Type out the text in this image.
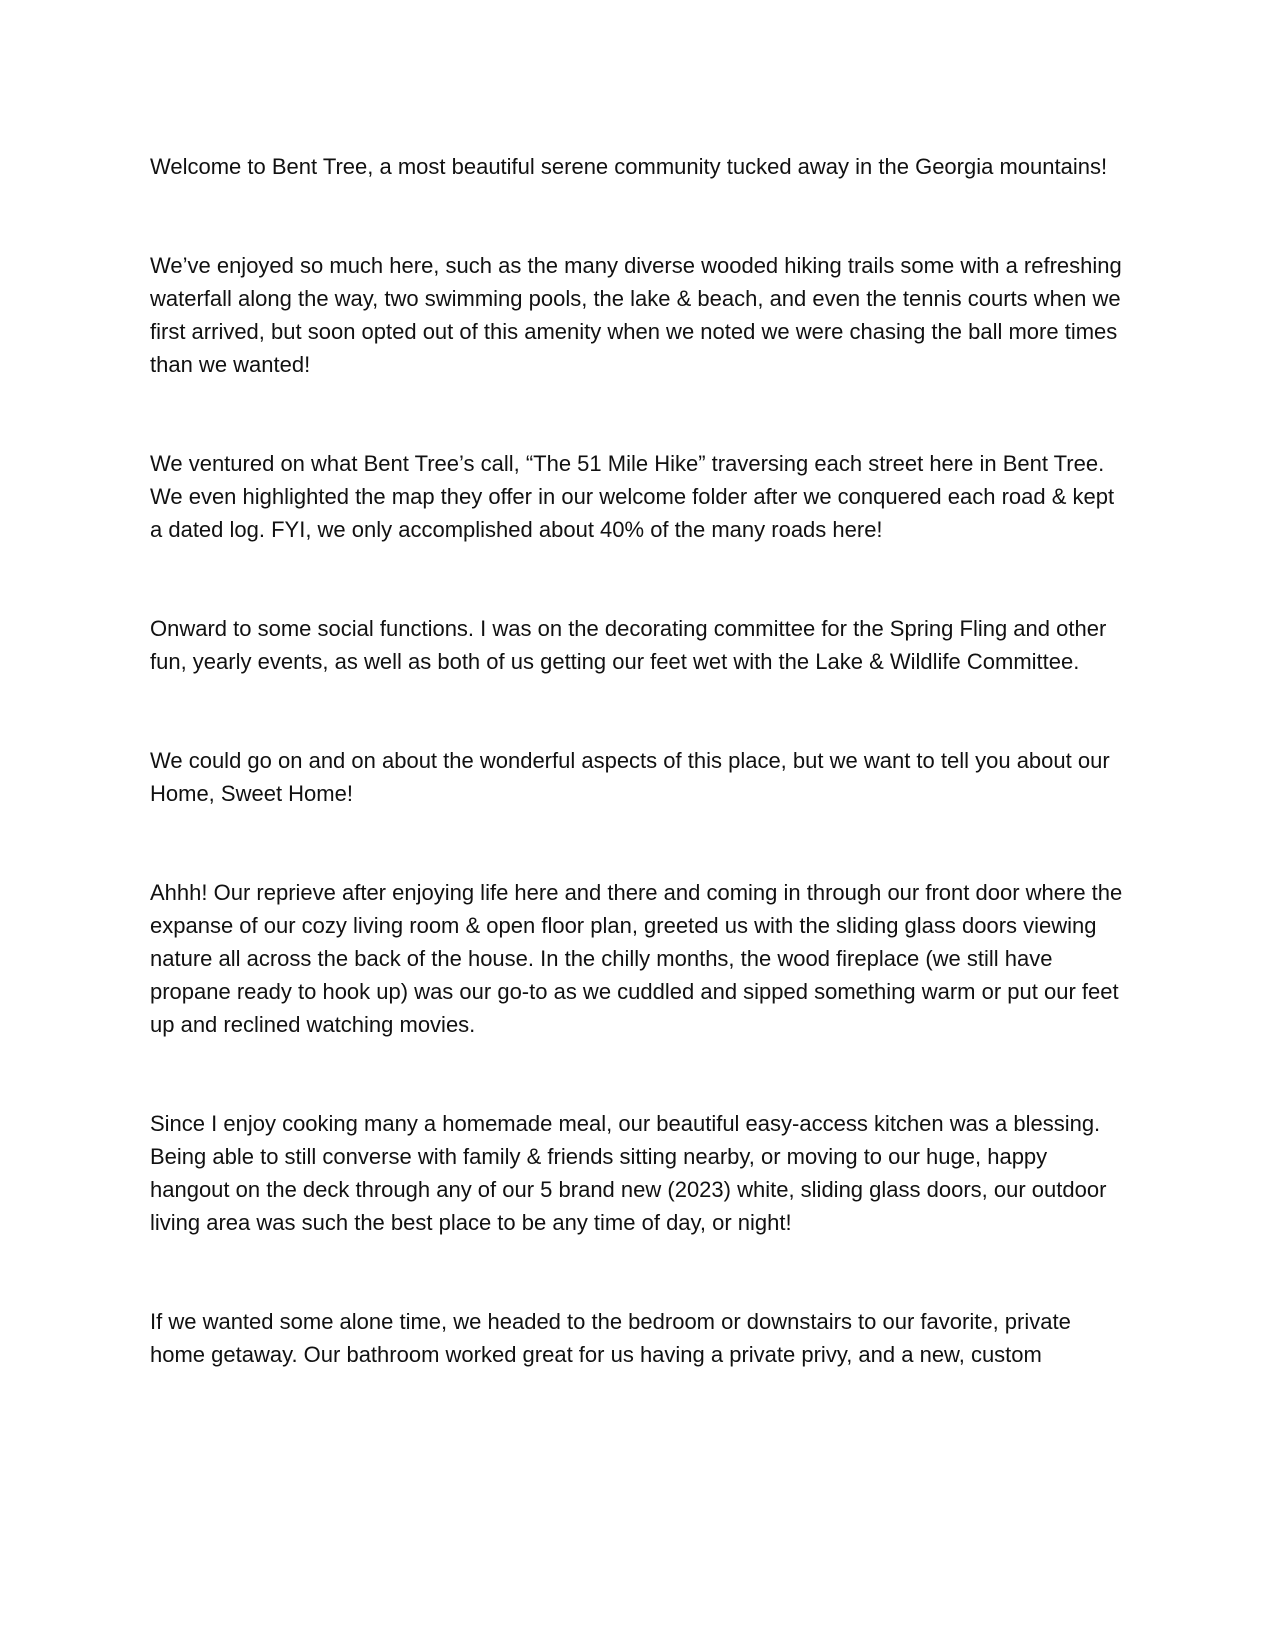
Welcome to Bent Tree, a most beautiful serene community tucked away in the Georgia mountains!

We’ve enjoyed so much here, such as the many diverse wooded hiking trails some with a refreshing waterfall along the way, two swimming pools, the lake & beach, and even the tennis courts when we first arrived, but soon opted out of this amenity when we noted we were chasing the ball more times than we wanted!

We ventured on what Bent Tree’s call, “The 51 Mile Hike” traversing each street here in Bent Tree. We even highlighted the map they offer in our welcome folder after we conquered each road & kept a dated log. FYI, we only accomplished about 40% of the many roads here!

Onward to some social functions. I was on the decorating committee for the Spring Fling and other fun, yearly events, as well as both of us getting our feet wet with the Lake & Wildlife Committee.

We could go on and on about the wonderful aspects of this place, but we want to tell you about our Home, Sweet Home!

Ahhh! Our reprieve after enjoying life here and there and coming in through our front door where the expanse of our cozy living room & open floor plan, greeted us with the sliding glass doors viewing nature all across the back of the house. In the chilly months, the wood fireplace (we still have propane ready to hook up) was our go-to as we cuddled and sipped something warm or put our feet up and reclined watching movies.

Since I enjoy cooking many a homemade meal, our beautiful easy-access kitchen was a blessing. Being able to still converse with family & friends sitting nearby, or moving to our huge, happy hangout on the deck through any of our 5 brand new (2023) white, sliding glass doors, our outdoor living area was such the best place to be any time of day, or night!

If we wanted some alone time, we headed to the bedroom or downstairs to our favorite, private home getaway. Our bathroom worked great for us having a private privy, and a new, custom
